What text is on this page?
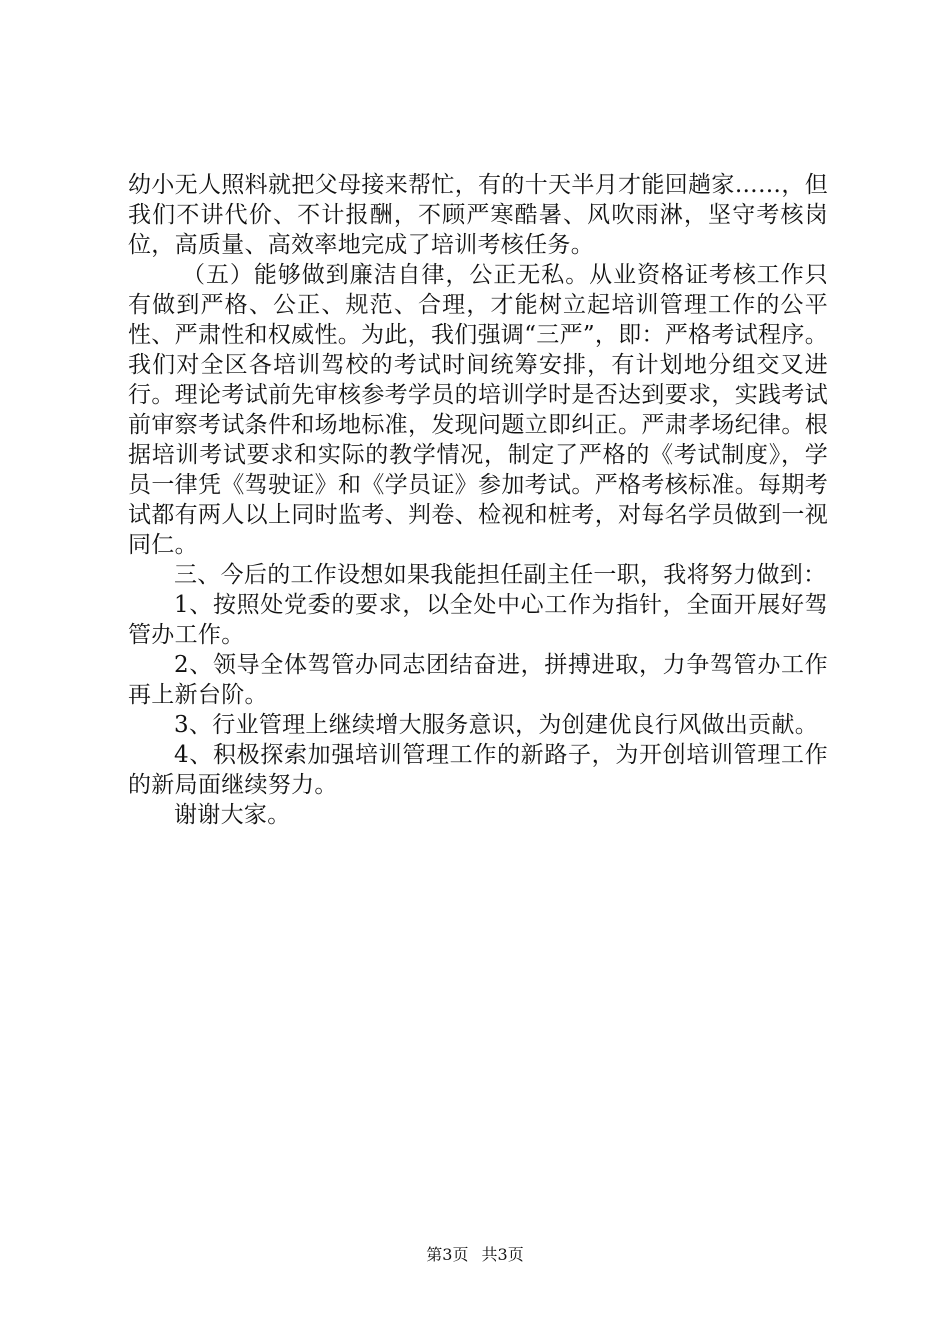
幼小无人照料就把父母接来帮忙，有的十天半月才能回趟家……，但我们不讲代价、不计报酬，不顾严寒酷暑、风吹雨淋，坚守考核岗位，高质量、高效率地完成了培训考核任务。

（五）能够做到廉洁自律，公正无私。从业资格证考核工作只有做到严格、公正、规范、合理，才能树立起培训管理工作的公平性、严肃性和权威性。为此，我们强调“三严”，即：严格考试程序。我们对全区各培训驾校的考试时间统筹安排，有计划地分组交叉进行。理论考试前先审核参考学员的培训学时是否达到要求，实践考试前审察考试条件和场地标准，发现问题立即纠正。严肃孝场纪律。根据培训考试要求和实际的教学情况，制定了严格的《考试制度》，学员一律凭《驾驶证》和《学员证》参加考试。严格考核标准。每期考试都有两人以上同时监考、判卷、检视和桩考，对每名学员做到一视同仁。

三、今后的工作设想如果我能担任副主任一职，我将努力做到：

1、按照处党委的要求，以全处中心工作为指针，全面开展好驾管办工作。

2、领导全体驾管办同志团结奋进，拼搏进取，力争驾管办工作再上新台阶。

3、行业管理上继续增大服务意识，为创建优良行风做出贡献。

4、积极探索加强培训管理工作的新路子，为开创培训管理工作的新局面继续努力。

谢谢大家。

第3页 共3页
